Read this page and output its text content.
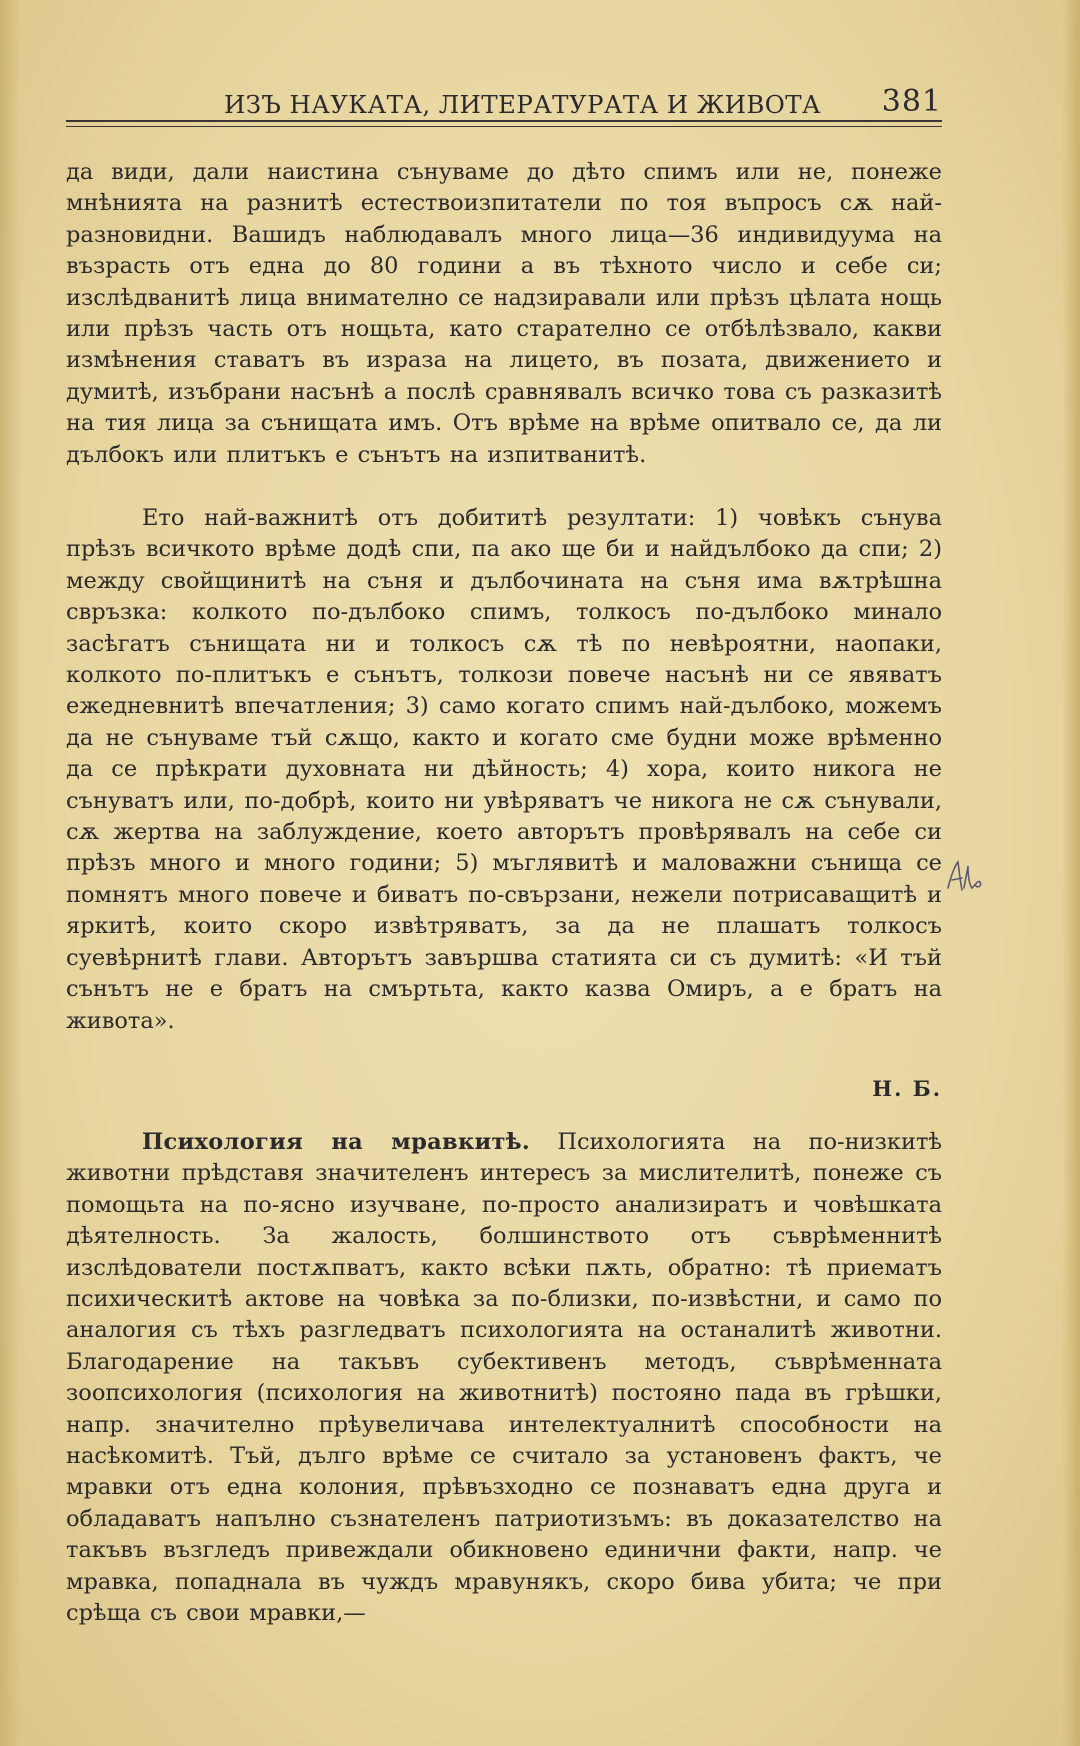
ИЗЪ НАУКАТА, ЛИТЕРАТУРАТА И ЖИВОТА 381

да види, дали наистина сънуваме до дѣто спимъ или не, понеже мнѣнията на разнитѣ естествоизпитатели по тоя въпросъ сѫ най-разновидни. Вашидъ наблюдавалъ много лица—36 индивидуума на възрасть отъ една до 80 години а въ тѣхното число и себе си; изслѣдванитѣ лица внимателно се надзиравали или прѣзъ цѣлата нощь или прѣзъ часть отъ нощьта, като старателно се отбѣлѣзвало, какви измѣнения ставатъ въ израза на лицето, въ позата, движението и думитѣ, изъбрани насънѣ а послѣ сравнявалъ всичко това съ разказитѣ на тия лица за сънищата имъ. Отъ врѣме на врѣме опитвало се, да ли дълбокъ или плитъкъ е сънътъ на изпитванитѣ.

Ето най-важнитѣ отъ добититѣ резултати: 1) човѣкъ сънува прѣзъ всичкото врѣме додѣ спи, па ако ще би и найдълбоко да спи; 2) между свойщинитѣ на съня и дълбочината на съня има вѫтрѣшна свръзка: колкото по-дълбоко спимъ, толкосъ по-дълбоко минало засѣгатъ сънищата ни и толкосъ сѫ тѣ по невѣроятни, наопаки, колкото по-плитъкъ е сънътъ, толкози повече насънѣ ни се явяватъ ежедневнитѣ впечатления; 3) само когато спимъ най-дълбоко, можемъ да не сънуваме тъй сѫщо, както и когато сме будни може врѣменно да се прѣкрати духовната ни дѣйность; 4) хора, които никога не сънуватъ или, по-добрѣ, които ни увѣряватъ че никога не сѫ сънували, сѫ жертва на заблуждение, което авторътъ провѣрявалъ на себе си прѣзъ много и много години; 5) мъглявитѣ и маловажни сънища се помнятъ много повече и биватъ по-свързани, нежели потрисаващитѣ и яркитѣ, които скоро извѣтряватъ, за да не плашатъ толкосъ суевѣрнитѣ глави. Авторътъ завършва статията си съ думитѣ: «И тъй сънътъ не е братъ на смъртьта, както казва Омиръ, а е братъ на живота».

Н. Б.

Психология на мравкитѣ. Психологията на по-низкитѣ животни прѣдставя значителенъ интересъ за мислителитѣ, понеже съ помощьта на по-ясно изучване, по-просто анализиратъ и човѣшката дѣятелность. За жалость, болшинството отъ съврѣменнитѣ изслѣдователи постѫпватъ, както всѣки пѫть, обратно: тѣ приематъ психическитѣ актове на човѣка за по-близки, по-извѣстни, и само по аналогия съ тѣхъ разгледватъ психологията на останалитѣ животни. Благодарение на такъвъ субективенъ методъ, съврѣменната зоопсихология (психология на животнитѣ) постояно пада въ грѣшки, напр. значително прѣувеличава интелектуалнитѣ способности на насѣкомитѣ. Тъй, дълго врѣме се считало за установенъ фактъ, че мравки отъ една колония, прѣвъзходно се познаватъ една друга и обладаватъ напълно съзнателенъ патриотизъмъ: въ доказателство на такъвъ възгледъ привеждали обикновено единични факти, напр. че мравка, попаднала въ чуждъ мравунякъ, скоро бива убита; че при срѣща съ свои мравки,—
